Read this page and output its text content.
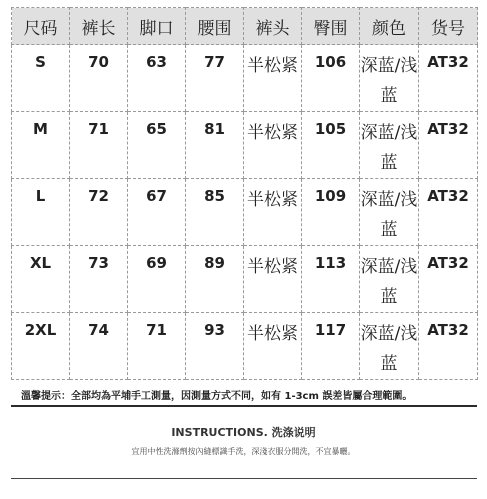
尺码	裤长	脚口	腰围	裤头	臀围	颜色	货号

S	70	63	77	半松紧	106	深蓝/浅蓝	AT32

M	71	65	81	半松紧	105	深蓝/浅蓝	AT32

L	72	67	85	半松紧	109	深蓝/浅蓝	AT32

XL	73	69	89	半松紧	113	深蓝/浅蓝	AT32

2XL	74	71	93	半松紧	117	深蓝/浅蓝	AT32
溫馨提示：全部均為平埔手工測量，因測量方式不同，如有 1-3cm 誤差皆屬合理範圍。
INSTRUCTIONS. 洗涤说明
宜用中性洗滌劑按內縫標識手洗，深淺衣服分開洗，不宜暴曬。
